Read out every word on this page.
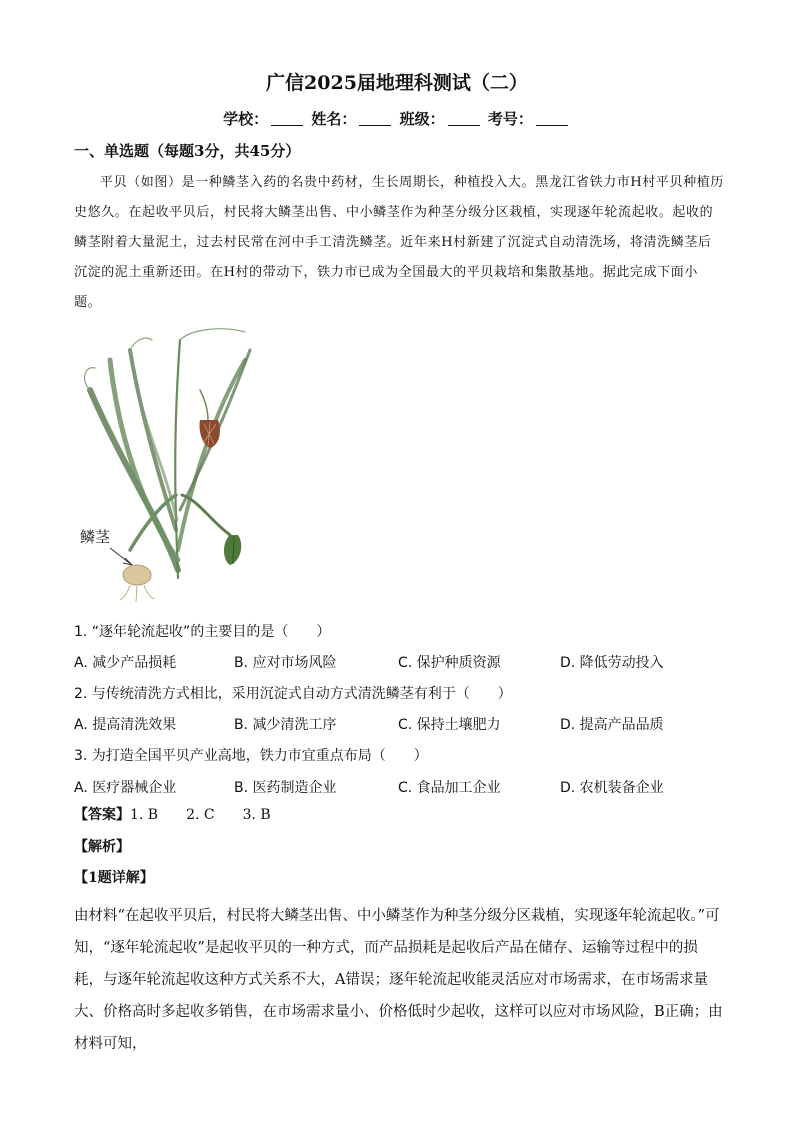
广信2025届地理科测试（二）
学校：	姓名：	班级：	考号：
一、单选题（每题3分，共45分）
平贝（如图）是一种鳞茎入药的名贵中药材，生长周期长，种植投入大。黑龙江省铁力市H村平贝种植历史悠久。在起收平贝后，村民将大鳞茎出售、中小鳞茎作为种茎分级分区栽植，实现逐年轮流起收。起收的鳞茎附着大量泥土，过去村民常在河中手工清洗鳞茎。近年来H村新建了沉淀式自动清洗场，将清洗鳞茎后沉淀的泥土重新还田。在H村的带动下，铁力市已成为全国最大的平贝栽培和集散基地。据此完成下面小题。
鳞茎
1. “逐年轮流起收”的主要目的是（　　）
A. 减少产品损耗	B. 应对市场风险	C. 保护种质资源	D. 降低劳动投入
2. 与传统清洗方式相比，采用沉淀式自动方式清洗鳞茎有利于（　　）
A. 提高清洗效果	B. 减少清洗工序	C. 保持土壤肥力	D. 提高产品品质
3. 为打造全国平贝产业高地，铁力市宜重点布局（　　）
A. 医疗器械企业	B. 医药制造企业	C. 食品加工企业	D. 农机装备企业
【答案】1. B　　2. C　　3. B
【解析】
【1题详解】
由材料“在起收平贝后，村民将大鳞茎出售、中小鳞茎作为种茎分级分区栽植，实现逐年轮流起收。”可知，“逐年轮流起收”是起收平贝的一种方式，而产品损耗是起收后产品在储存、运输等过程中的损耗，与逐年轮流起收这种方式关系不大，A错误；逐年轮流起收能灵活应对市场需求，在市场需求量大、价格高时多起收多销售，在市场需求量小、价格低时少起收，这样可以应对市场风险，B正确；由材料可知，
